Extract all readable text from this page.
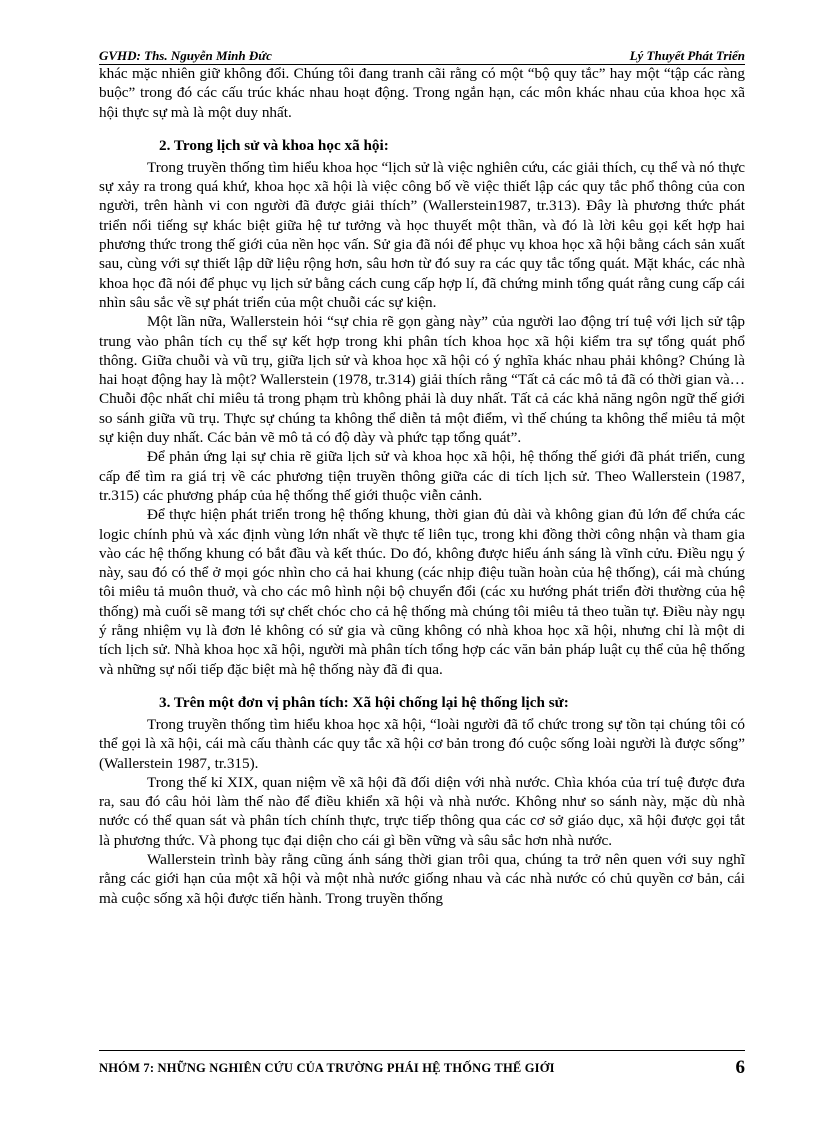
GVHD: Ths. Nguyễn Minh Đức	Lý Thuyết Phát Triển

khác mặc nhiên giữ không đổi. Chúng tôi đang tranh cãi rằng có một “bộ quy tắc” hay một “tập các ràng buộc” trong đó các cấu trúc khác nhau hoạt động. Trong ngắn hạn, các môn khác nhau của khoa học xã hội thực sự mà là một duy nhất.

2. Trong lịch sử và khoa học xã hội:

Trong truyền thống tìm hiểu khoa học “lịch sử là việc nghiên cứu, các giải thích, cụ thể và nó thực sự xảy ra trong quá khứ, khoa học xã hội là việc công bố về việc thiết lập các quy tắc phổ thông của con người, trên hành vi con người đã được giải thích” (Wallerstein1987, tr.313). Đây là phương thức phát triển nổi tiếng sự khác biệt giữa hệ tư tưởng và học thuyết một thần, và đó là lời kêu gọi kết hợp hai phương thức trong thế giới của nền học vấn. Sử gia đã nói để phục vụ khoa học xã hội bằng cách sản xuất sau, cùng với sự thiết lập dữ liệu rộng hơn, sâu hơn từ đó suy ra các quy tắc tổng quát. Mặt khác, các nhà khoa học đã nói để phục vụ lịch sử bằng cách cung cấp hợp lí, đã chứng minh tổng quát rằng cung cấp cái nhìn sâu sắc về sự phát triển của một chuỗi các sự kiện.

Một lần nữa, Wallerstein hỏi “sự chia rẽ gọn gàng này” của người lao động trí tuệ với lịch sử tập trung vào phân tích cụ thể sự kết hợp trong khi phân tích khoa học xã hội kiểm tra sự tổng quát phổ thông. Giữa chuỗi và vũ trụ, giữa lịch sử và khoa học xã hội có ý nghĩa khác nhau phải không? Chúng là hai hoạt động hay là một? Wallerstein (1978, tr.314) giải thích rằng “Tất cả các mô tả đã có thời gian và… Chuỗi độc nhất chỉ miêu tả trong phạm trù không phải là duy nhất. Tất cả các khả năng ngôn ngữ thế giới so sánh giữa vũ trụ. Thực sự chúng ta không thể diễn tả một điểm, vì thế chúng ta không thể miêu tả một sự kiện duy nhất. Các bản vẽ mô tả có độ dày và phức tạp tổng quát”.

Để phản ứng lại sự chia rẽ giữa lịch sử và khoa học xã hội, hệ thống thế giới đã phát triển, cung cấp để tìm ra giá trị về các phương tiện truyền thông giữa các di tích lịch sử. Theo Wallerstein (1987, tr.315) các phương pháp của hệ thống thế giới thuộc viễn cảnh.

Để thực hiện phát triển trong hệ thống khung, thời gian đủ dài và không gian đủ lớn để chứa các logic chính phủ và xác định vùng lớn nhất về thực tế liên tục, trong khi đồng thời công nhận và tham gia vào các hệ thống khung có bắt đầu và kết thúc. Do đó, không được hiểu ánh sáng là vĩnh cửu. Điều ngụ ý này, sau đó có thể ở mọi góc nhìn cho cả hai khung (các nhịp điệu tuần hoàn của hệ thống), cái mà chúng tôi miêu tả muôn thuở, và cho các mô hình nội bộ chuyển đổi (các xu hướng phát triển đời thường của hệ thống) mà cuối sẽ mang tới sự chết chóc cho cả hệ thống mà chúng tôi miêu tả theo tuần tự. Điều này ngụ ý rằng nhiệm vụ là đơn lẻ không có sử gia và cũng không có nhà khoa học xã hội, nhưng chỉ là một di tích lịch sử. Nhà khoa học xã hội, người mà phân tích tổng hợp các văn bản pháp luật cụ thể của hệ thống và những sự nối tiếp đặc biệt mà hệ thống này đã đi qua.

3. Trên một đơn vị phân tích: Xã hội chống lại hệ thống lịch sử:

Trong truyền thống tìm hiểu khoa học xã hội, “loài người đã tổ chức trong sự tồn tại chúng tôi có thể gọi là xã hội, cái mà cấu thành các quy tắc xã hội cơ bản trong đó cuộc sống loài người là được sống” (Wallerstein 1987, tr.315).

Trong thế kỉ XIX, quan niệm về xã hội đã đối diện với nhà nước. Chìa khóa của trí tuệ được đưa ra, sau đó câu hỏi làm thế nào để điều khiển xã hội và nhà nước. Không như so sánh này, mặc dù nhà nước có thể quan sát và phân tích chính thực, trực tiếp thông qua các cơ sở giáo dục, xã hội được gọi tắt là phương thức. Và phong tục đại diện cho cái gì bền vững và sâu sắc hơn nhà nước.

Wallerstein trình bày rằng cũng ánh sáng thời gian trôi qua, chúng ta trở nên quen với suy nghĩ rằng các giới hạn của một xã hội và một nhà nước giống nhau và các nhà nước có chủ quyền cơ bản, cái mà cuộc sống xã hội được tiến hành. Trong truyền thống

NHÓM 7: NHỮNG NGHIÊN CỨU CỦA TRƯỜNG PHÁI HỆ THỐNG THẾ GIỚI	6
